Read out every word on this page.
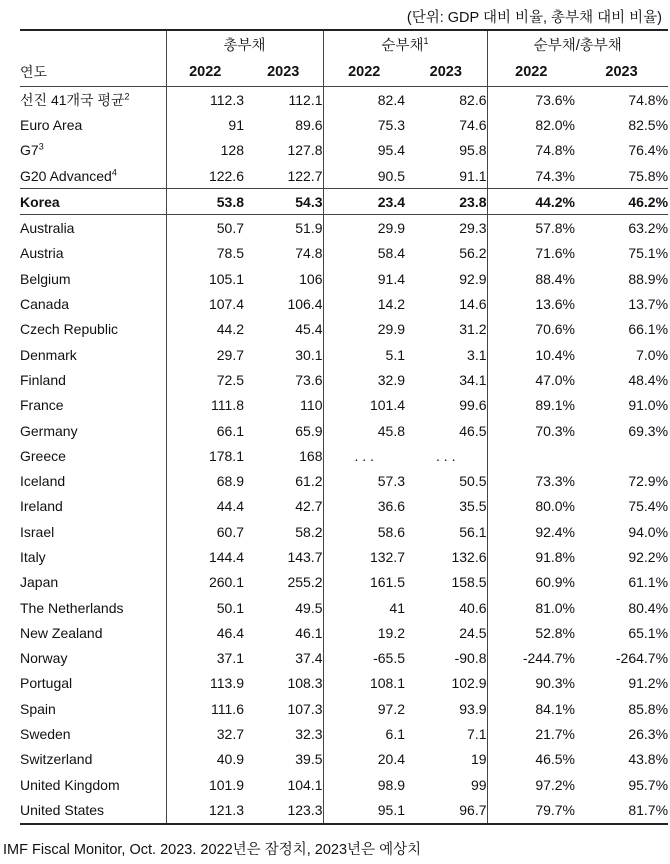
(단위: GDP 대비 비율, 총부채 대비 비율)
	총부채		순부채$^1$		순부채/총부채	
연도	2022	2023	2022	2023	2022	2023
선진 41개국 평균$^2$	112.3	112.1	82.4	82.6	73.6%	74.8%
Euro Area	91	89.6	75.3	74.6	82.0%	82.5%
$G7^3$	128	127.8	95.4	95.8	74.8%	76.4%
G20 Advanced$^4$	122.6	122.7	90.5	91.1	74.3%	75.8%
Korea	53.8	54.3	23.4	23.8	44.2%	46.2%
Australia	50.7	51.9	29.9	29.3	57.8%	63.2%
Austria	78.5	74.8	58.4	56.2	71.6%	75.1%
Belgium	105.1	106	91.4	92.9	88.4%	88.9%
Canada	107.4	106.4	14.2	14.6	13.6%	13.7%
Czech Republic	44.2	45.4	29.9	31.2	70.6%	66.1%
Denmark	29.7	30.1	5.1	3.1	10.4%	7.0%
Finland	72.5	73.6	32.9	34.1	47.0%	48.4%
France	111.8	110	101.4	99.6	89.1%	91.0%
Germany	66.1	65.9	45.8	46.5	70.3%	69.3%
Greece	178.1	168	. . .	. . .		
Iceland	68.9	61.2	57.3	50.5	73.3%	72.9%
Ireland	44.4	42.7	36.6	35.5	80.0%	75.4%
Israel	60.7	58.2	58.6	56.1	92.4%	94.0%
Italy	144.4	143.7	132.7	132.6	91.8%	92.2%
Japan	260.1	255.2	161.5	158.5	60.9%	61.1%
The Netherlands	50.1	49.5	41	40.6	81.0%	80.4%
New Zealand	46.4	46.1	19.2	24.5	52.8%	65.1%
Norway	37.1	37.4	-65.5	-90.8	-244.7%	-264.7%
Portugal	113.9	108.3	108.1	102.9	90.3%	91.2%
Spain	111.6	107.3	97.2	93.9	84.1%	85.8%
Sweden	32.7	32.3	6.1	7.1	21.7%	26.3%
Switzerland	40.9	39.5	20.4	19	46.5%	43.8%
United Kingdom	101.9	104.1	98.9	99	97.2%	95.7%
United States	121.3	123.3	95.1	96.7	79.7%	81.7%
IMF Fiscal Monitor, Oct. 2023. 2022년은 잠정치, 2023년은 예상치
